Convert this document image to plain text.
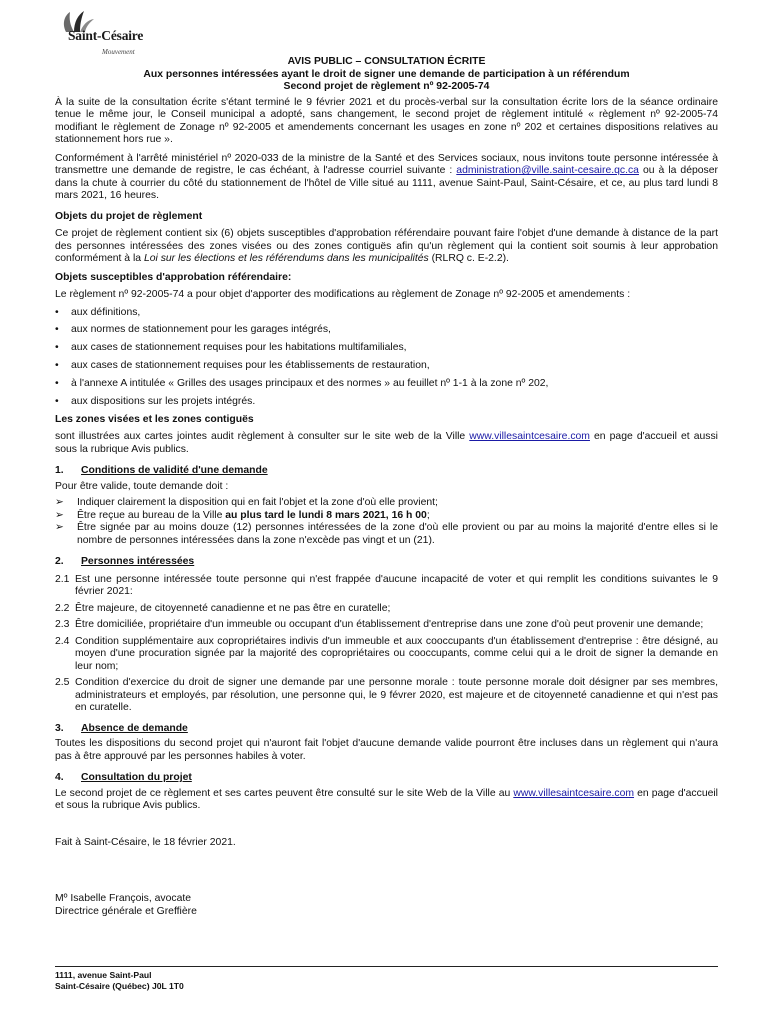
Saint-Césaire
Mouvement
AVIS PUBLIC – CONSULTATION ÉCRITE
Aux personnes intéressées ayant le droit de signer une demande de participation à un référendum
Second projet de règlement nº 92-2005-74

À la suite de la consultation écrite s'étant terminé le 9 février 2021 et du procès-verbal sur la consultation écrite lors de la séance ordinaire tenue le même jour, le Conseil municipal a adopté, sans changement, le second projet de règlement intitulé « règlement nº 92-2005-74 modifiant le règlement de Zonage nº 92-2005 et amendements concernant les usages en zone nº 202 et certaines dispositions relatives au stationnement hors rue ».

Conformément à l'arrêté ministériel nº 2020-033 de la ministre de la Santé et des Services sociaux, nous invitons toute personne intéressée à transmettre une demande de registre, le cas échéant, à l'adresse courriel suivante : administration@ville.saint-cesaire.qc.ca ou à la déposer dans la chute à courrier du côté du stationnement de l'hôtel de Ville situé au 1111, avenue Saint-Paul, Saint-Césaire, et ce, au plus tard lundi 8 mars 2021, 16 heures.

Objets du projet de règlement

Ce projet de règlement contient six (6) objets susceptibles d'approbation référendaire pouvant faire l'objet d'une demande à distance de la part des personnes intéressées des zones visées ou des zones contiguës afin qu'un règlement qui la contient soit soumis à leur approbation conformément à la Loi sur les élections et les référendums dans les municipalités (RLRQ c. E-2.2).

Objets susceptibles d'approbation référendaire:

Le règlement nº 92-2005-74 a pour objet d'apporter des modifications au règlement de Zonage nº 92-2005 et amendements :

•	aux définitions,
•	aux normes de stationnement pour les garages intégrés,
•	aux cases de stationnement requises pour les habitations multifamiliales,
•	aux cases de stationnement requises pour les établissements de restauration,
•	à l'annexe A intitulée « Grilles des usages principaux et des normes » au feuillet nº 1-1 à la zone nº 202,
•	aux dispositions sur les projets intégrés.
Les zones visées et les zones contiguës

sont illustrées aux cartes jointes audit règlement à consulter sur le site web de la Ville www.villesaintcesaire.com en page d'accueil et aussi sous la rubrique Avis publics.

1.	Conditions de validité d'une demande

Pour être valide, toute demande doit :

➢	Indiquer clairement la disposition qui en fait l'objet et la zone d'où elle provient;
➢	Être reçue au bureau de la Ville au plus tard le lundi 8 mars 2021, 16 h 00;
➢	Être signée par au moins douze (12) personnes intéressées de la zone d'où elle provient ou par au moins la majorité d'entre elles si le nombre de personnes intéressées dans la zone n'excède pas vingt et un (21).
2.	Personnes intéressées
2.1 Est une personne intéressée toute personne qui n'est frappée d'aucune incapacité de voter et qui remplit les conditions suivantes le 9 février 2021:
2.2 Être majeure, de citoyenneté canadienne et ne pas être en curatelle;
2.3 Être domiciliée, propriétaire d'un immeuble ou occupant d'un établissement d'entreprise dans une zone d'où peut provenir une demande;
2.4 Condition supplémentaire aux copropriétaires indivis d'un immeuble et aux cooccupants d'un établissement d'entreprise : être désigné, au moyen d'une procuration signée par la majorité des copropriétaires ou cooccupants, comme celui qui a le droit de signer la demande en leur nom;
2.5 Condition d'exercice du droit de signer une demande par une personne morale : toute personne morale doit désigner par ses membres, administrateurs et employés, par résolution, une personne qui, le 9 févrer 2020, est majeure et de citoyenneté canadienne et qui n'est pas en curatelle.
3.	Absence de demande

Toutes les dispositions du second projet qui n'auront fait l'objet d'aucune demande valide pourront être incluses dans un règlement qui n'aura pas à être approuvé par les personnes habiles à voter.

4.	Consultation du projet

Le second projet de ce règlement et ses cartes peuvent être consulté sur le site Web de la Ville au www.villesaintcesaire.com en page d'accueil et sous la rubrique Avis publics.

Fait à Saint-Césaire, le 18 février 2021.

Mº Isabelle François, avocate

Directrice générale et Greffière

1111, avenue Saint-Paul
Saint-Césaire (Québec) J0L 1T0
